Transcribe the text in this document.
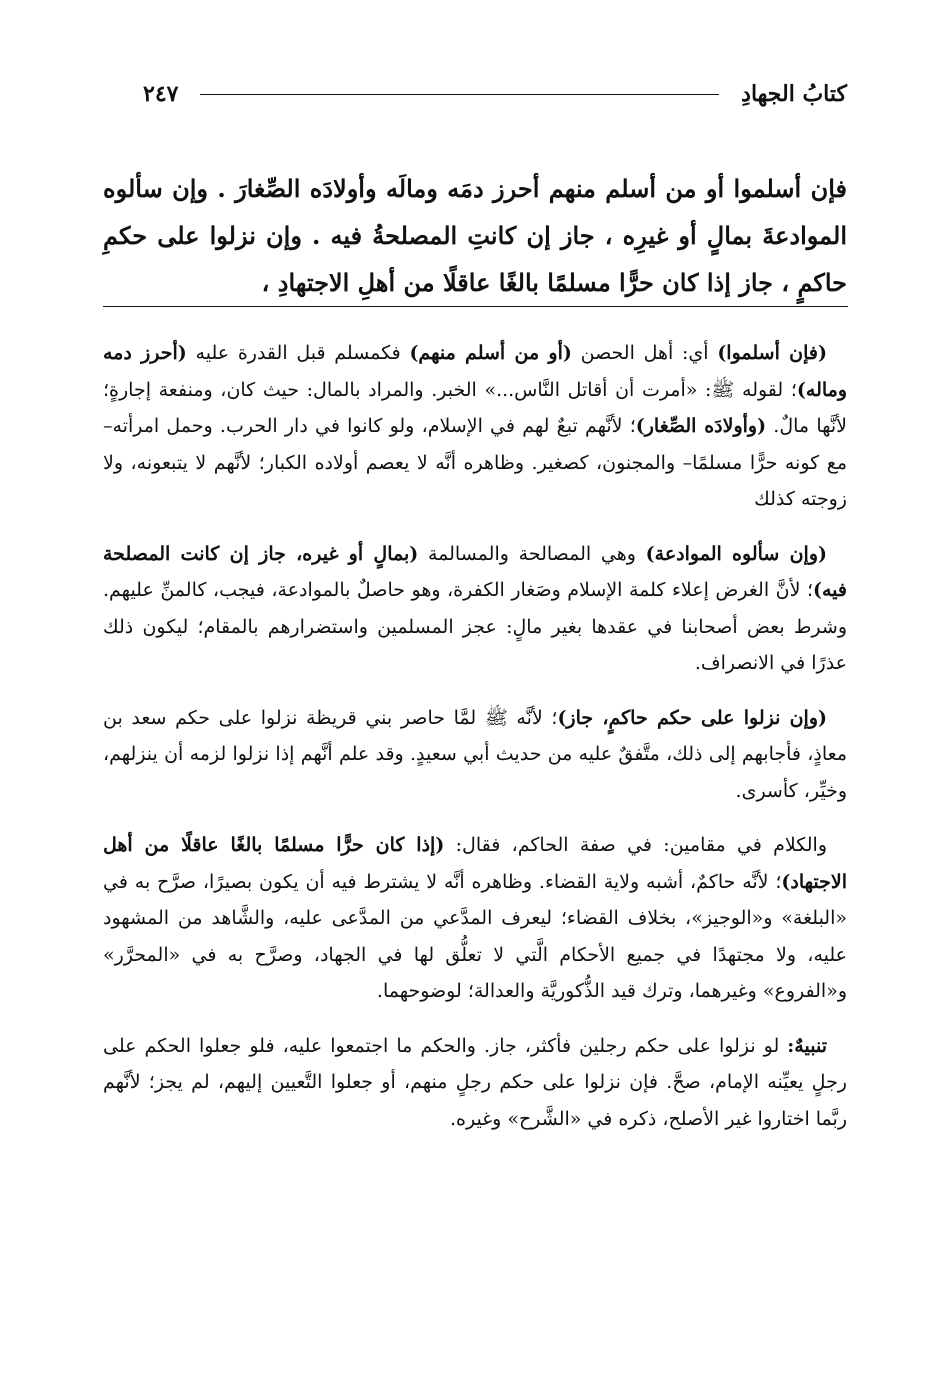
كتابُ الجهادِ
٢٤٧
فإن أسلموا أو من أسلم منهم أحرز دمَه ومالَه وأولادَه الصِّغارَ . وإن سألوه الموادعةَ بمالٍ أو غيرِه ، جاز إن كانتِ المصلحةُ فيه . وإن نزلوا على حكمِ حاكمٍ ، جاز إذا كان حرًّا مسلمًا بالغًا عاقلًا من أهلِ الاجتهادِ ،

(فإن أسلموا) أي: أهل الحصن (أو من أسلم منهم) فكمسلم قبل القدرة عليه (أحرز دمه وماله)؛ لقوله ﷺ: «أمرت أن أقاتل النَّاس...» الخبر. والمراد بالمال: حيث كان، ومنفعة إجارةٍ؛ لأنَّها مالٌ. (وأولادَه الصِّغار)؛ لأنَّهم تبعٌ لهم في الإسلام، ولو كانوا في دار الحرب. وحمل امرأته– مع كونه حرًّا مسلمًا– والمجنون، كصغير. وظاهره أنَّه لا يعصم أولاده الكبار؛ لأنَّهم لا يتبعونه، ولا زوجته كذلك

(وإن سألوه الموادعة) وهي المصالحة والمسالمة (بمالٍ أو غيره، جاز إن كانت المصلحة فيه)؛ لأنَّ الغرض إعلاء كلمة الإسلام وصَغار الكفرة، وهو حاصلٌ بالموادعة، فيجب، كالمنِّ عليهم. وشرط بعض أصحابنا في عقدها بغير مالٍ: عجز المسلمين واستضرارهم بالمقام؛ ليكون ذلك عذرًا في الانصراف.

(وإن نزلوا على حكم حاكمٍ، جاز)؛ لأنَّه ﷺ لمَّا حاصر بني قريظة نزلوا على حكم سعد بن معاذٍ، فأجابهم إلى ذلك، متَّفقٌ عليه من حديث أبي سعيدٍ. وقد علم أنَّهم إذا نزلوا لزمه أن ينزلهم، وخيِّر، كأسرى.

والكلام في مقامين: في صفة الحاكم، فقال: (إذا كان حرًّا مسلمًا بالغًا عاقلًا من أهل الاجتهاد)؛ لأنَّه حاكمٌ، أشبه ولاية القضاء. وظاهره أنَّه لا يشترط فيه أن يكون بصيرًا، صرَّح به في «البلغة» و«الوجيز»، بخلاف القضاء؛ ليعرف المدَّعي من المدَّعى عليه، والشَّاهد من المشهود عليه، ولا مجتهدًا في جميع الأحكام الَّتي لا تعلُّق لها في الجهاد، وصرَّح به في «المحرَّر» و«الفروع» وغيرهما، وترك قيد الذُّكوريَّة والعدالة؛ لوضوحهما.

تنبيهٌ: لو نزلوا على حكم رجلين فأكثر، جاز. والحكم ما اجتمعوا عليه، فلو جعلوا الحكم على رجلٍ يعيِّنه الإمام، صحَّ. فإن نزلوا على حكم رجلٍ منهم، أو جعلوا التَّعيين إليهم، لم يجز؛ لأنَّهم ربَّما اختاروا غير الأصلح، ذكره في «الشَّرح» وغيره.
